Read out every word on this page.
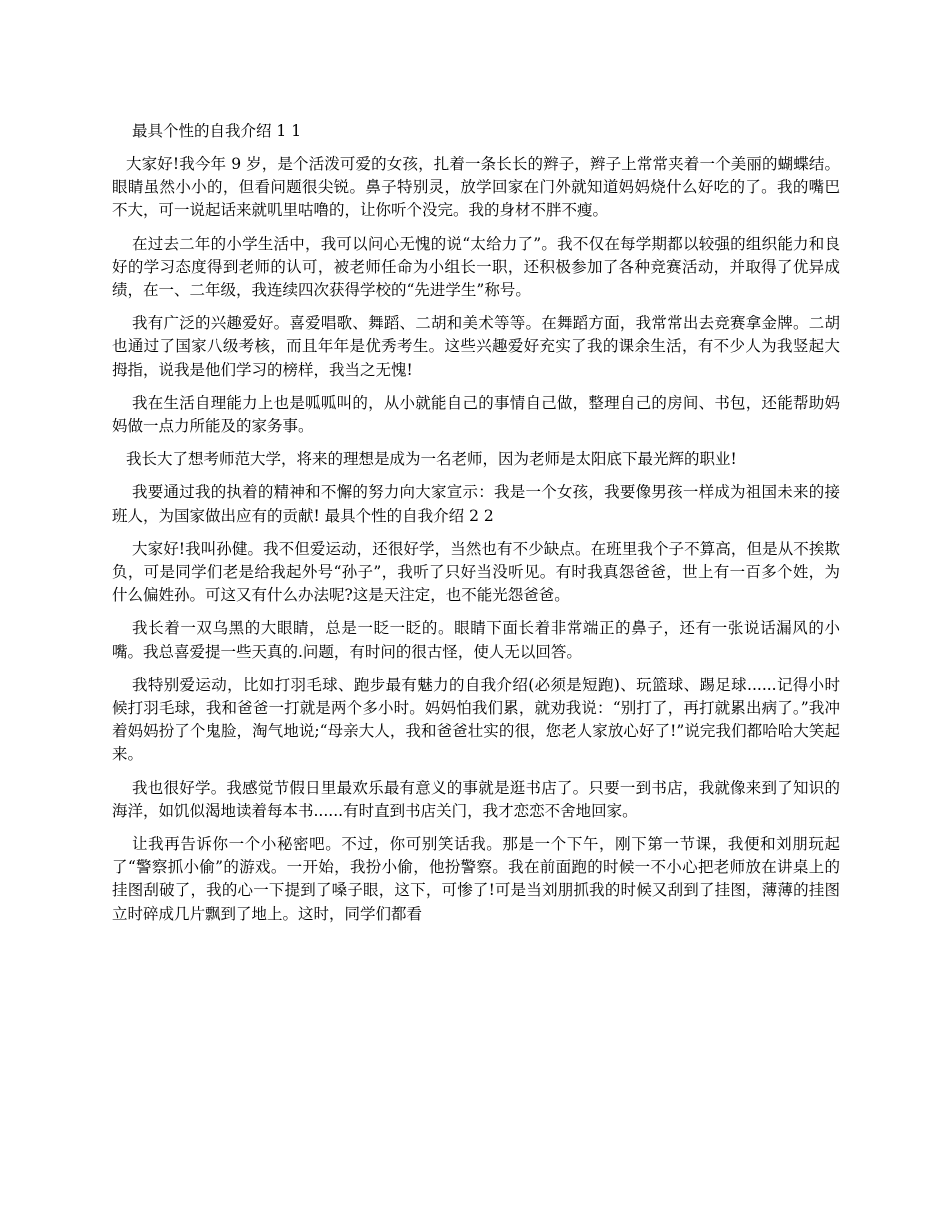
最具个性的自我介绍 1 1

大家好!我今年 9 岁，是个活泼可爱的女孩，扎着一条长长的辫子，辫子上常常夹着一个美丽的蝴蝶结。眼睛虽然小小的，但看问题很尖锐。鼻子特别灵，放学回家在门外就知道妈妈烧什么好吃的了。我的嘴巴不大，可一说起话来就叽里咕噜的，让你听个没完。我的身材不胖不瘦。

在过去二年的小学生活中，我可以问心无愧的说“太给力了”。我不仅在每学期都以较强的组织能力和良好的学习态度得到老师的认可，被老师任命为小组长一职，还积极参加了各种竞赛活动，并取得了优异成绩，在一、二年级，我连续四次获得学校的“先进学生”称号。

我有广泛的兴趣爱好。喜爱唱歌、舞蹈、二胡和美术等等。在舞蹈方面，我常常出去竞赛拿金牌。二胡也通过了国家八级考核，而且年年是优秀考生。这些兴趣爱好充实了我的课余生活，有不少人为我竖起大拇指，说我是他们学习的榜样，我当之无愧!

我在生活自理能力上也是呱呱叫的，从小就能自己的事情自己做，整理自己的房间、书包，还能帮助妈妈做一点力所能及的家务事。

我长大了想考师范大学，将来的理想是成为一名老师，因为老师是太阳底下最光辉的职业!

我要通过我的执着的精神和不懈的努力向大家宣示：我是一个女孩，我要像男孩一样成为祖国未来的接班人，为国家做出应有的贡献! 最具个性的自我介绍 2 2

大家好!我叫孙健。我不但爱运动，还很好学，当然也有不少缺点。在班里我个子不算高，但是从不挨欺负，可是同学们老是给我起外号“孙子”，我听了只好当没听见。有时我真怨爸爸，世上有一百多个姓，为什么偏姓孙。可这又有什么办法呢?这是天注定，也不能光怨爸爸。

我长着一双乌黑的大眼睛，总是一眨一眨的。眼睛下面长着非常端正的鼻子，还有一张说话漏风的小嘴。我总喜爱提一些天真的.问题，有时问的很古怪，使人无以回答。

我特别爱运动，比如打羽毛球、跑步最有魅力的自我介绍(必须是短跑)、玩篮球、踢足球......记得小时候打羽毛球，我和爸爸一打就是两个多小时。妈妈怕我们累，就劝我说：“别打了，再打就累出病了。”我冲着妈妈扮了个鬼脸，淘气地说;“母亲大人，我和爸爸壮实的很，您老人家放心好了!”说完我们都哈哈大笑起来。

我也很好学。我感觉节假日里最欢乐最有意义的事就是逛书店了。只要一到书店，我就像来到了知识的海洋，如饥似渴地读着每本书......有时直到书店关门，我才恋恋不舍地回家。

让我再告诉你一个小秘密吧。不过，你可别笑话我。那是一个下午，刚下第一节课，我便和刘朋玩起了“警察抓小偷”的游戏。一开始，我扮小偷，他扮警察。我在前面跑的时候一不小心把老师放在讲桌上的挂图刮破了，我的心一下提到了嗓子眼，这下，可惨了!可是当刘朋抓我的时候又刮到了挂图，薄薄的挂图立时碎成几片飘到了地上。这时，同学们都看
